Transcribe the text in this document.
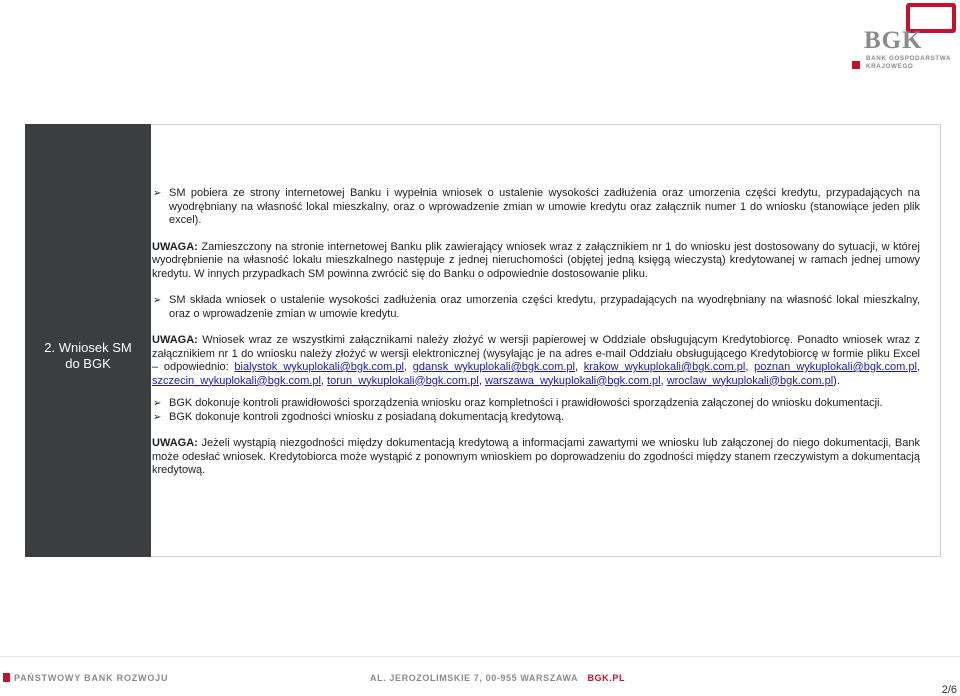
BGK
BANK GOSPODARSTWA
KRAJOWEGO
2. Wniosek SM
do BGK
➢ SM pobiera ze strony internetowej Banku i wypełnia wniosek o ustalenie wysokości zadłużenia oraz umorzenia części kredytu, przypadających na wyodrębniany na własność lokal mieszkalny, oraz o wprowadzenie zmian w umowie kredytu oraz załącznik numer 1 do wniosku (stanowiące jeden plik excel).

UWAGA: Zamieszczony na stronie internetowej Banku plik zawierający wniosek wraz z załącznikiem nr 1 do wniosku jest dostosowany do sytuacji, w której wyodrębnienie na własność lokalu mieszkalnego następuje z jednej nieruchomości (objętej jedną księgą wieczystą) kredytowanej w ramach jednej umowy kredytu. W innych przypadkach SM powinna zwrócić się do Banku o odpowiednie dostosowanie pliku.

➢ SM składa wniosek o ustalenie wysokości zadłużenia oraz umorzenia części kredytu, przypadających na wyodrębniany na własność lokal mieszkalny, oraz o wprowadzenie zmian w umowie kredytu.

UWAGA: Wniosek wraz ze wszystkimi załącznikami należy złożyć w wersji papierowej w Oddziale obsługującym Kredytobiorcę. Ponadto wniosek wraz z załącznikiem nr 1 do wniosku należy złożyć w wersji elektronicznej (wysyłając je na adres e-mail Oddziału obsługującego Kredytobiorcę w formie pliku Excel – odpowiednio: bialystok_wykuplokali@bgk.com.pl, gdansk_wykuplokali@bgk.com.pl, krakow_wykuplokali@bgk.com.pl, poznan_wykuplokali@bgk.com.pl, szczecin_wykuplokali@bgk.com.pl, torun_wykuplokali@bgk.com.pl, warszawa_wykuplokali@bgk.com.pl, wroclaw_wykuplokali@bgk.com.pl).

➢ BGK dokonuje kontroli prawidłowości sporządzenia wniosku oraz kompletności i prawidłowości sporządzenia załączonej do wniosku dokumentacji.
➢ BGK dokonuje kontroli zgodności wniosku z posiadaną dokumentacją kredytową.

UWAGA: Jeżeli wystąpią niezgodności między dokumentacją kredytową a informacjami zawartymi we wniosku lub załączonej do niego dokumentacji, Bank może odesłać wniosek. Kredytobiorca może wystąpić z ponownym wnioskiem po doprowadzeniu do zgodności między stanem rzeczywistym a dokumentacją kredytową.

PAŃSTWOWY BANK ROZWOJU	AL. JEROZOLIMSKIE 7, 00-955 WARSZAWA BGK.PL
2/6
